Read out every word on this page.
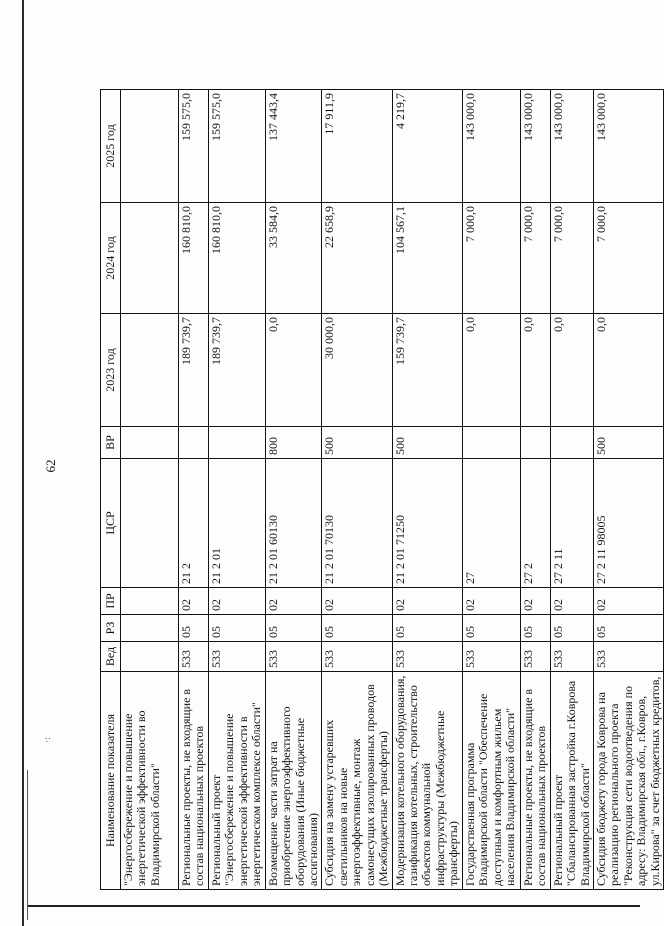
·:
62
Наименование показателя	Вед	РЗ	ПР	ЦСР	ВР	2023 год	2024 год	2025 год
"Энергосбережение и повышение энергетической эффективности во Владимирской области"								
Региональные проекты, не входящие в состав национальных проектов	533	05	02	21 2		189 739,7	160 810,0	159 575,0
Региональный проект "Энергосбережение и повышение энергетической эффективности в энергетическом комплексе области"	533	05	02	21 2 01		189 739,7	160 810,0	159 575,0
Возмещение части затрат на приобретение энергоэффективного оборудования (Иные бюджетные ассигнования)	533	05	02	21 2 01 60130	800	0,0	33 584,0	137 443,4
Субсидия на замену устаревших светильников на новые энергоэффективные, монтаж самонесущих изолированных проводов (Межбюджетные трансферты)	533	05	02	21 2 01 70130	500	30 000,0	22 658,9	17 911,9
Модернизация котельного оборудования, газификация котельных, строительство объектов коммунальной инфраструктуры (Межбюджетные трансферты)	533	05	02	21 2 01 71250	500	159 739,7	104 567,1	4 219,7
Государственная программа Владимирской области "Обеспечение доступным и комфортным жильем населения Владимирской области"	533	05	02	27		0,0	7 000,0	143 000,0
Региональные проекты, не входящие в состав национальных проектов	533	05	02	27 2		0,0	7 000,0	143 000,0
Региональный проект "Сбалансированная застройка г.Коврова Владимирской области"	533	05	02	27 2 11		0,0	7 000,0	143 000,0
Субсидия бюджету города Коврова на реализацию регионального проекта "Реконструкция сети водоотведения по адресу: Владимирская обл., г.Ковров, ул.Кирова" за счет бюджетных кредитов,	533	05	02	27 2 11 98005	500	0,0	7 000,0	143 000,0
